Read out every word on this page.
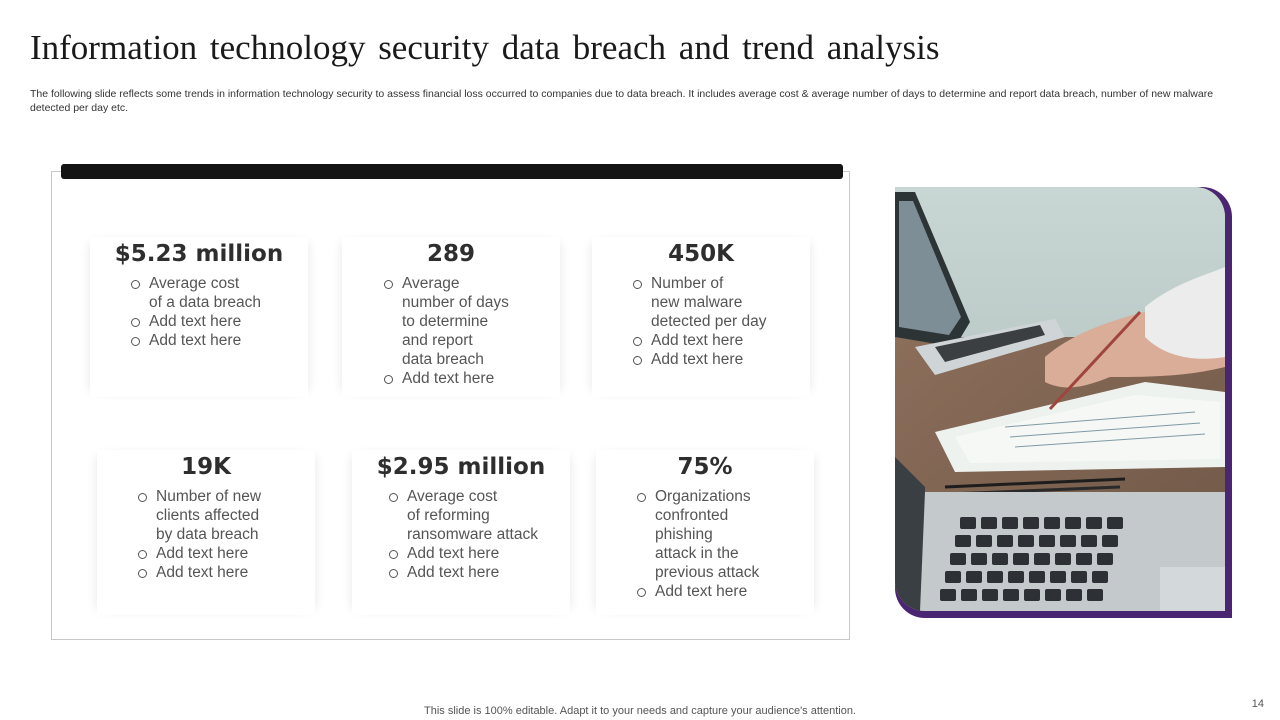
Information technology security data breach and trend analysis
The following slide reflects some trends in information technology security to assess financial loss occurred to companies due to data breach. It includes average cost & average number of days to determine and report data breach, number of new malware detected per day etc.
$5.23 million
Average cost
of a data breach
Add text here
Add text here
289
Average
number of days
to determine
and report
data breach
Add text here
450K
Number of
new malware
detected per day
Add text here
Add text here
19K
Number of new
clients affected
by data breach
Add text here
Add text here
$2.95 million
Average cost
of reforming
ransomware attack
Add text here
Add text here
75%
Organizations
confronted
phishing
attack in the
previous attack
Add text here
This slide is 100% editable. Adapt it to your needs and capture your audience's attention.
14
